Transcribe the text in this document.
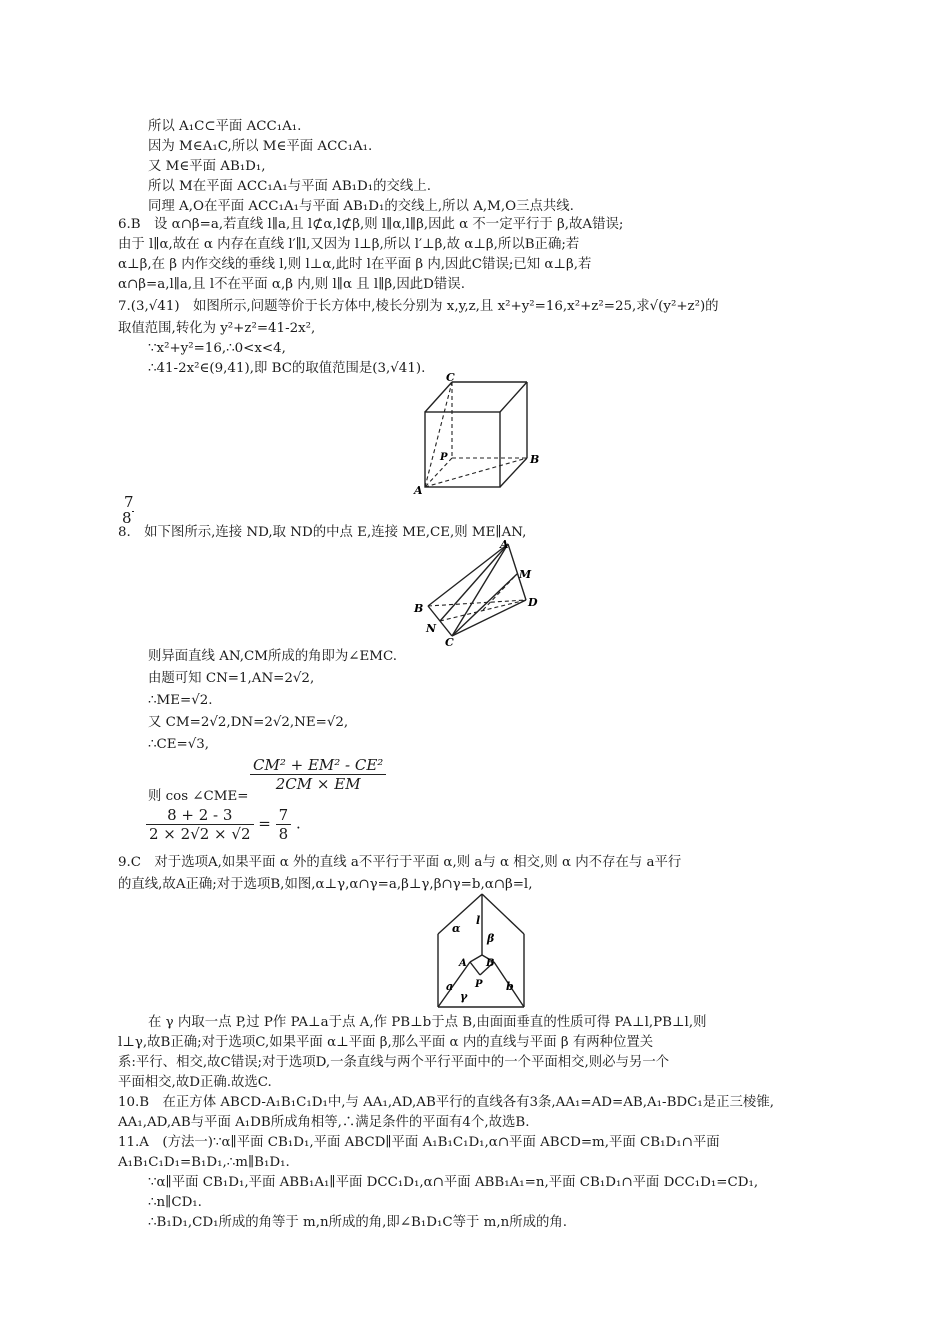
所以 A₁C⊂平面 ACC₁A₁.
因为 M∈A₁C,所以 M∈平面 ACC₁A₁.
又 M∈平面 AB₁D₁,
所以 M在平面 ACC₁A₁与平面 AB₁D₁的交线上.
同理 A,O在平面 ACC₁A₁与平面 AB₁D₁的交线上,所以 A,M,O三点共线.
6.B　设 α∩β=a,若直线 l∥a,且 l⊄α,l⊄β,则 l∥α,l∥β,因此 α 不一定平行于 β,故A错误;
由于 l∥α,故在 α 内存在直线 l′∥l,又因为 l⊥β,所以 l′⊥β,故 α⊥β,所以B正确;若
α⊥β,在 β 内作交线的垂线 l,则 l⊥α,此时 l在平面 β 内,因此C错误;已知 α⊥β,若
α∩β=a,l∥a,且 l不在平面 α,β 内,则 l∥α 且 l∥β,因此D错误.
7.(3,√41)　如图所示,问题等价于长方体中,棱长分别为 x,y,z,且 x²+y²=16,x²+z²=25,求√(y²+z²)的
取值范围,转化为 y²+z²=41-2x²,
∵x²+y²=16,∴0<x<4,
∴41-2x²∈(9,41),即 BC的取值范围是(3,√41).
C
P	B
A
7
8.　如下图所示,连接 ND,取 ND的中点 E,连接 ME,CE,则 ME∥AN,
8
A
M
B	D
N
C
则异面直线 AN,CM所成的角即为∠EMC.
由题可知 CN=1,AN=2√2,
∴ME=√2.
又 CM=2√2,DN=2√2,NE=√2,
∴CE=√3,
则 cos ∠CME=
$\frac{\text{CM² + EM² - CE²}}{2CM \times EM}$
$\frac{8 + 2 - 3}{2 \times 2√2 \times √2} = \frac{7}{8}$ .
9.C　对于选项A,如果平面 α 外的直线 a不平行于平面 α,则 a与 α 相交,则 α 内不存在与 a平行
的直线,故A正确;对于选项B,如图,α⊥γ,α∩γ=a,β⊥γ,β∩γ=b,α∩β=l,
α
l
β
A B
P
a
γ
b
在 γ 内取一点 P,过 P作 PA⊥a于点 A,作 PB⊥b于点 B,由面面垂直的性质可得 PA⊥l,PB⊥l,则
l⊥γ,故B正确;对于选项C,如果平面 α⊥平面 β,那么平面 α 内的直线与平面 β 有两种位置关
系:平行、相交,故C错误;对于选项D,一条直线与两个平行平面中的一个平面相交,则必与另一个
平面相交,故D正确.故选C.
10.B　在正方体 ABCD-A₁B₁C₁D₁中,与 AA₁,AD,AB平行的直线各有3条,AA₁=AD=AB,A₁-BDC₁是正三棱锥,
AA₁,AD,AB与平面 A₁DB所成角相等,∴满足条件的平面有4个,故选B.
11.A　(方法一)∵α∥平面 CB₁D₁,平面 ABCD∥平面 A₁B₁C₁D₁,α∩平面 ABCD=m,平面 CB₁D₁∩平面
A₁B₁C₁D₁=B₁D₁,∴m∥B₁D₁.
∵α∥平面 CB₁D₁,平面 ABB₁A₁∥平面 DCC₁D₁,α∩平面 ABB₁A₁=n,平面 CB₁D₁∩平面 DCC₁D₁=CD₁,
∴n∥CD₁.
∴B₁D₁,CD₁所成的角等于 m,n所成的角,即∠B₁D₁C等于 m,n所成的角.
